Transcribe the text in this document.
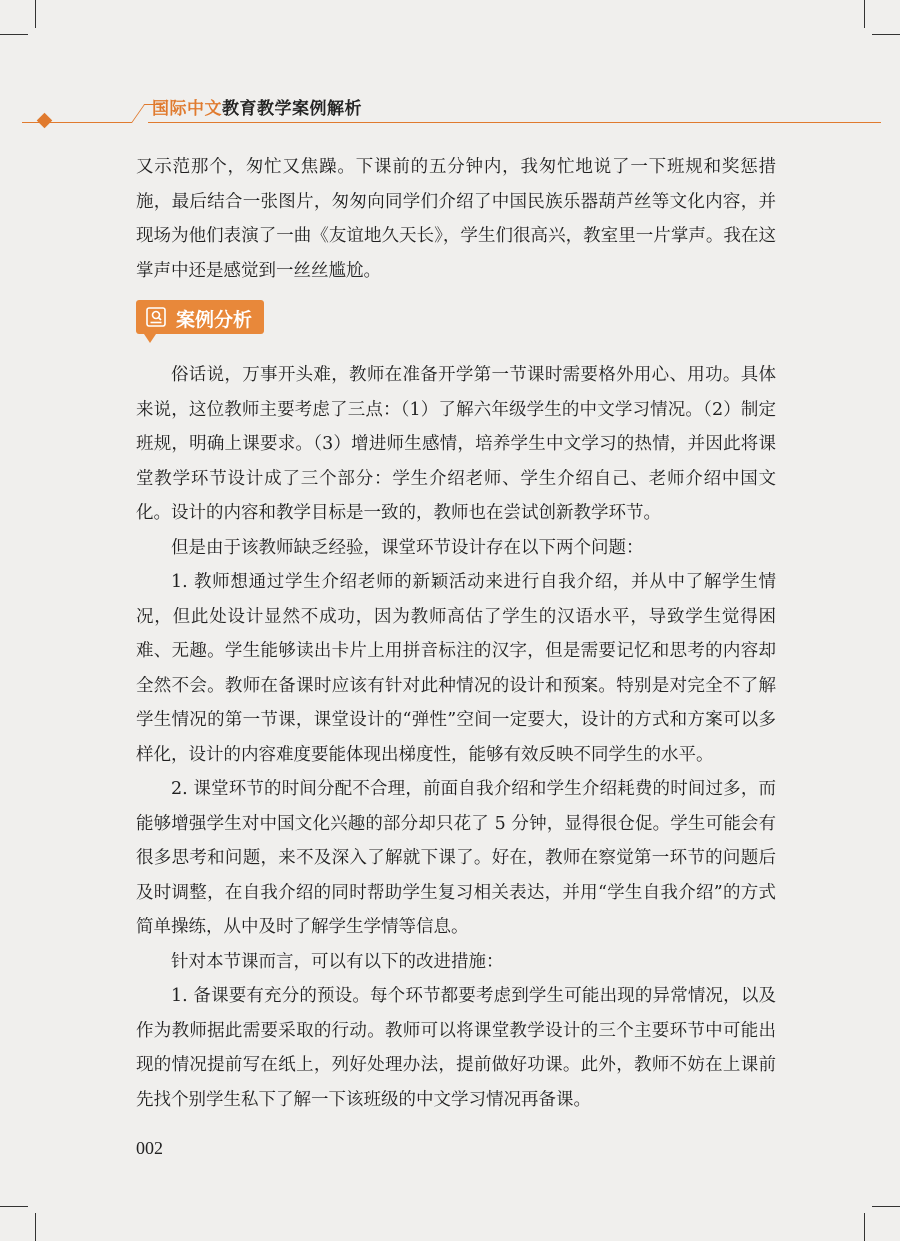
国际中文教育教学案例解析

又示范那个，匆忙又焦躁。下课前的五分钟内，我匆忙地说了一下班规和奖惩措施，最后结合一张图片，匆匆向同学们介绍了中国民族乐器葫芦丝等文化内容，并现场为他们表演了一曲《友谊地久天长》，学生们很高兴，教室里一片掌声。我在这掌声中还是感觉到一丝丝尴尬。

案例分析

俗话说，万事开头难，教师在准备开学第一节课时需要格外用心、用功。具体来说，这位教师主要考虑了三点：（1）了解六年级学生的中文学习情况。（2）制定班规，明确上课要求。（3）增进师生感情，培养学生中文学习的热情，并因此将课堂教学环节设计成了三个部分：学生介绍老师、学生介绍自己、老师介绍中国文化。设计的内容和教学目标是一致的，教师也在尝试创新教学环节。

但是由于该教师缺乏经验，课堂环节设计存在以下两个问题：

1. 教师想通过学生介绍老师的新颖活动来进行自我介绍，并从中了解学生情况，但此处设计显然不成功，因为教师高估了学生的汉语水平，导致学生觉得困难、无趣。学生能够读出卡片上用拼音标注的汉字，但是需要记忆和思考的内容却全然不会。教师在备课时应该有针对此种情况的设计和预案。特别是对完全不了解学生情况的第一节课，课堂设计的“弹性”空间一定要大，设计的方式和方案可以多样化，设计的内容难度要能体现出梯度性，能够有效反映不同学生的水平。

2. 课堂环节的时间分配不合理，前面自我介绍和学生介绍耗费的时间过多，而能够增强学生对中国文化兴趣的部分却只花了 5 分钟，显得很仓促。学生可能会有很多思考和问题，来不及深入了解就下课了。好在，教师在察觉第一环节的问题后及时调整，在自我介绍的同时帮助学生复习相关表达，并用“学生自我介绍”的方式简单操练，从中及时了解学生学情等信息。

针对本节课而言，可以有以下的改进措施：

1. 备课要有充分的预设。每个环节都要考虑到学生可能出现的异常情况，以及作为教师据此需要采取的行动。教师可以将课堂教学设计的三个主要环节中可能出现的情况提前写在纸上，列好处理办法，提前做好功课。此外，教师不妨在上课前先找个别学生私下了解一下该班级的中文学习情况再备课。

002
